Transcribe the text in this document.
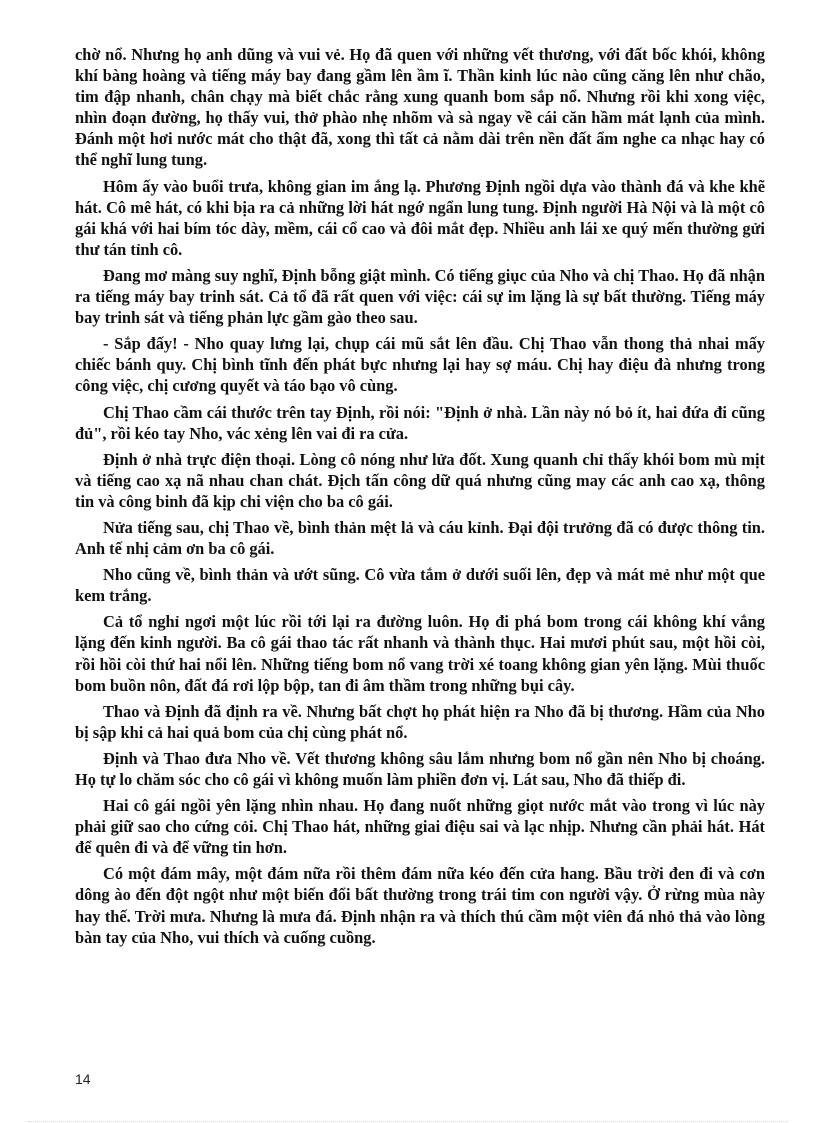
chờ nổ. Nhưng họ anh dũng và vui vẻ. Họ đã quen với những vết thương, với đất bốc khói, không khí bàng hoàng và tiếng máy bay đang gầm lên ầm ĩ. Thần kinh lúc nào cũng căng lên như chão, tim đập nhanh, chân chạy mà biết chắc rằng xung quanh bom sắp nổ. Nhưng rồi khi xong việc, nhìn đoạn đường, họ thấy vui, thở phào nhẹ nhõm và sà ngay về cái căn hầm mát lạnh của mình. Đánh một hơi nước mát cho thật đã, xong thì tất cả nằm dài trên nền đất ẩm nghe ca nhạc hay có thể nghĩ lung tung.

Hôm ấy vào buổi trưa, không gian im ắng lạ. Phương Định ngồi dựa vào thành đá và khe khẽ hát. Cô mê hát, có khi bịa ra cả những lời hát ngớ ngẩn lung tung. Định người Hà Nội và là một cô gái khá với hai bím tóc dày, mềm, cái cổ cao và đôi mắt đẹp. Nhiều anh lái xe quý mến thường gửi thư tán tỉnh cô.

Đang mơ màng suy nghĩ, Định bỗng giật mình. Có tiếng giục của Nho và chị Thao. Họ đã nhận ra tiếng máy bay trinh sát. Cả tổ đã rất quen với việc: cái sự im lặng là sự bất thường. Tiếng máy bay trinh sát và tiếng phản lực gầm gào theo sau.

- Sắp đấy! - Nho quay lưng lại, chụp cái mũ sắt lên đầu. Chị Thao vẫn thong thả nhai mấy chiếc bánh quy. Chị bình tĩnh đến phát bực nhưng lại hay sợ máu. Chị hay điệu đà nhưng trong công việc, chị cương quyết và táo bạo vô cùng.

Chị Thao cầm cái thước trên tay Định, rồi nói: "Định ở nhà. Lần này nó bỏ ít, hai đứa đi cũng đủ", rồi kéo tay Nho, vác xẻng lên vai đi ra cửa.

Định ở nhà trực điện thoại. Lòng cô nóng như lửa đốt. Xung quanh chỉ thấy khói bom mù mịt và tiếng cao xạ nã nhau chan chát. Địch tấn công dữ quá nhưng cũng may các anh cao xạ, thông tin và công binh đã kịp chi viện cho ba cô gái.

Nửa tiếng sau, chị Thao về, bình thản mệt lả và cáu kỉnh. Đại đội trưởng đã có được thông tin. Anh tế nhị cảm ơn ba cô gái.

Nho cũng về, bình thản và ướt sũng. Cô vừa tắm ở dưới suối lên, đẹp và mát mẻ như một que kem trắng.

Cả tổ nghỉ ngơi một lúc rồi tới lại ra đường luôn. Họ đi phá bom trong cái không khí vắng lặng đến kinh người. Ba cô gái thao tác rất nhanh và thành thục. Hai mươi phút sau, một hồi còi, rồi hồi còi thứ hai nổi lên. Những tiếng bom nổ vang trời xé toang không gian yên lặng. Mùi thuốc bom buồn nôn, đất đá rơi lộp bộp, tan đi âm thầm trong những bụi cây.

Thao và Định đã định ra về. Nhưng bất chợt họ phát hiện ra Nho đã bị thương. Hầm của Nho bị sập khi cả hai quả bom của chị cùng phát nổ.

Định và Thao đưa Nho về. Vết thương không sâu lắm nhưng bom nổ gần nên Nho bị choáng. Họ tự lo chăm sóc cho cô gái vì không muốn làm phiền đơn vị. Lát sau, Nho đã thiếp đi.

Hai cô gái ngồi yên lặng nhìn nhau. Họ đang nuốt những giọt nước mắt vào trong vì lúc này phải giữ sao cho cứng cỏi. Chị Thao hát, những giai điệu sai và lạc nhịp. Nhưng cần phải hát. Hát để quên đi và để vững tin hơn.

Có một đám mây, một đám nữa rồi thêm đám nữa kéo đến cửa hang. Bầu trời đen đi và cơn dông ào đến đột ngột như một biến đổi bất thường trong trái tim con người vậy. Ở rừng mùa này hay thế. Trời mưa. Nhưng là mưa đá. Định nhận ra và thích thú cầm một viên đá nhỏ thả vào lòng bàn tay của Nho, vui thích và cuống cuồng.

14
